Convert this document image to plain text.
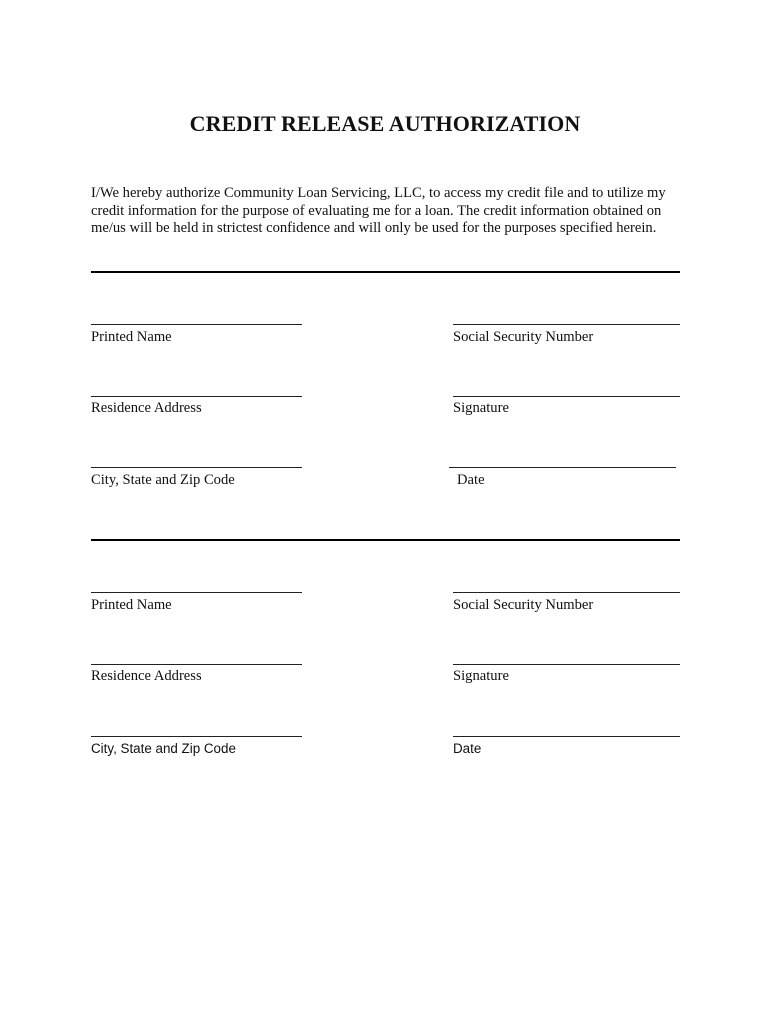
CREDIT RELEASE AUTHORIZATION
I/We hereby authorize Community Loan Servicing, LLC, to access my credit file and to utilize my credit information for the purpose of evaluating me for a loan. The credit information obtained on me/us will be held in strictest confidence and will only be used for the purposes specified herein.
Printed Name	Social Security Number
Residence Address	Signature
City, State and Zip Code	Date
Printed Name	Social Security Number
Residence Address	Signature
City, State and Zip Code	Date
